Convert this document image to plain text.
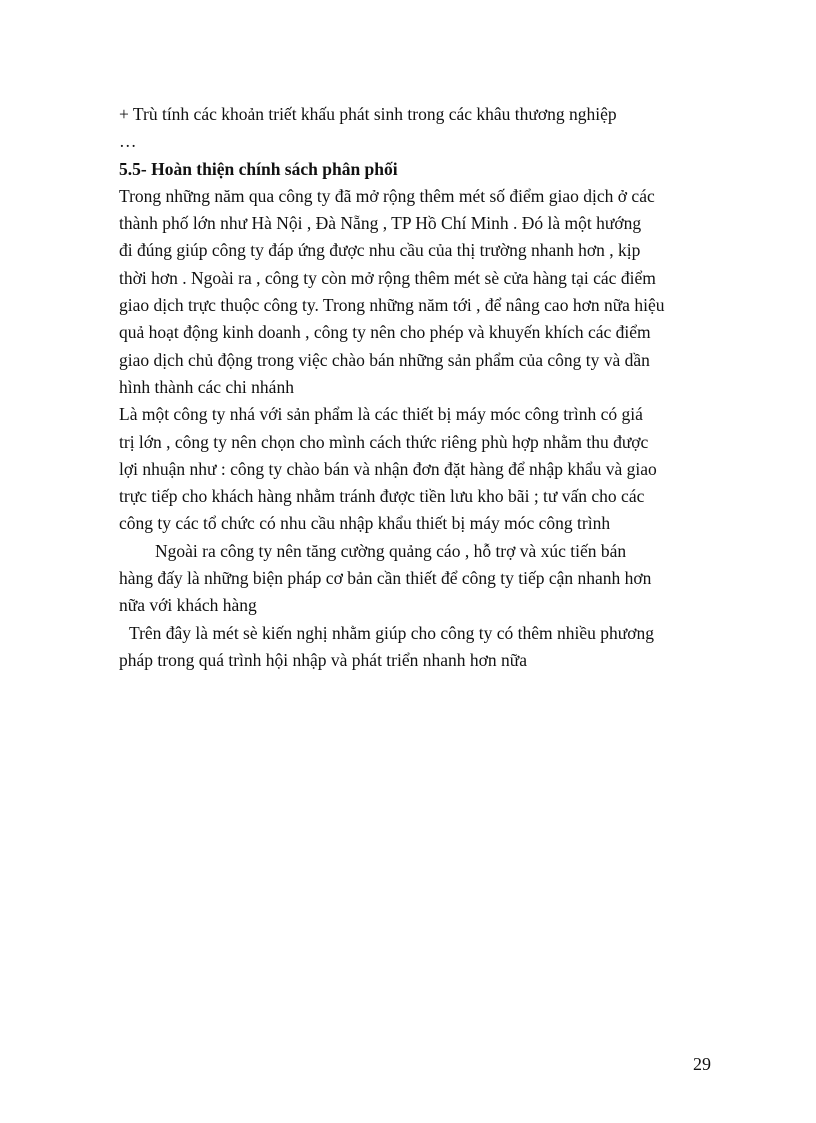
+ Trù tính các khoản triết khấu phát sinh trong các khâu thương nghiệp
…
5.5- Hoàn thiện chính sách phân phối
Trong những năm qua công ty đã mở rộng thêm mét số điểm giao dịch ở các
thành phố lớn như Hà Nội , Đà Nẵng , TP Hồ Chí Minh . Đó là một hướng
đi đúng giúp công ty đáp ứng được nhu cầu của thị trường nhanh hơn , kịp
thời hơn . Ngoài ra , công ty còn mở rộng thêm mét sè cửa hàng tại các điểm
giao dịch trực thuộc công ty. Trong những năm tới , để nâng cao hơn nữa hiệu
quả hoạt động kinh doanh , công ty nên cho phép và khuyến khích các điểm
giao dịch chủ động trong việc chào bán những sản phẩm của công ty và dần
hình thành các chi nhánh
Là một công ty nhá với sản phẩm là các thiết bị máy móc công trình có giá
trị lớn , công ty nên chọn cho mình cách thức riêng phù hợp nhằm thu được
lợi nhuận như : công ty chào bán và nhận đơn đặt hàng để nhập khẩu và giao
trực tiếp cho khách hàng nhằm tránh được tiền lưu kho bãi ; tư vấn cho các
công ty các tổ chức có nhu cầu nhập khẩu thiết bị máy móc công trình
Ngoài ra công ty nên tăng cường quảng cáo , hỗ trợ và xúc tiến bán
hàng đấy là những biện pháp cơ bản cần thiết để công ty tiếp cận nhanh hơn
nữa với khách hàng
Trên đây là mét sè kiến nghị nhằm giúp cho công ty có thêm nhiều phương
pháp trong quá trình hội nhập và phát triển nhanh hơn nữa
29
